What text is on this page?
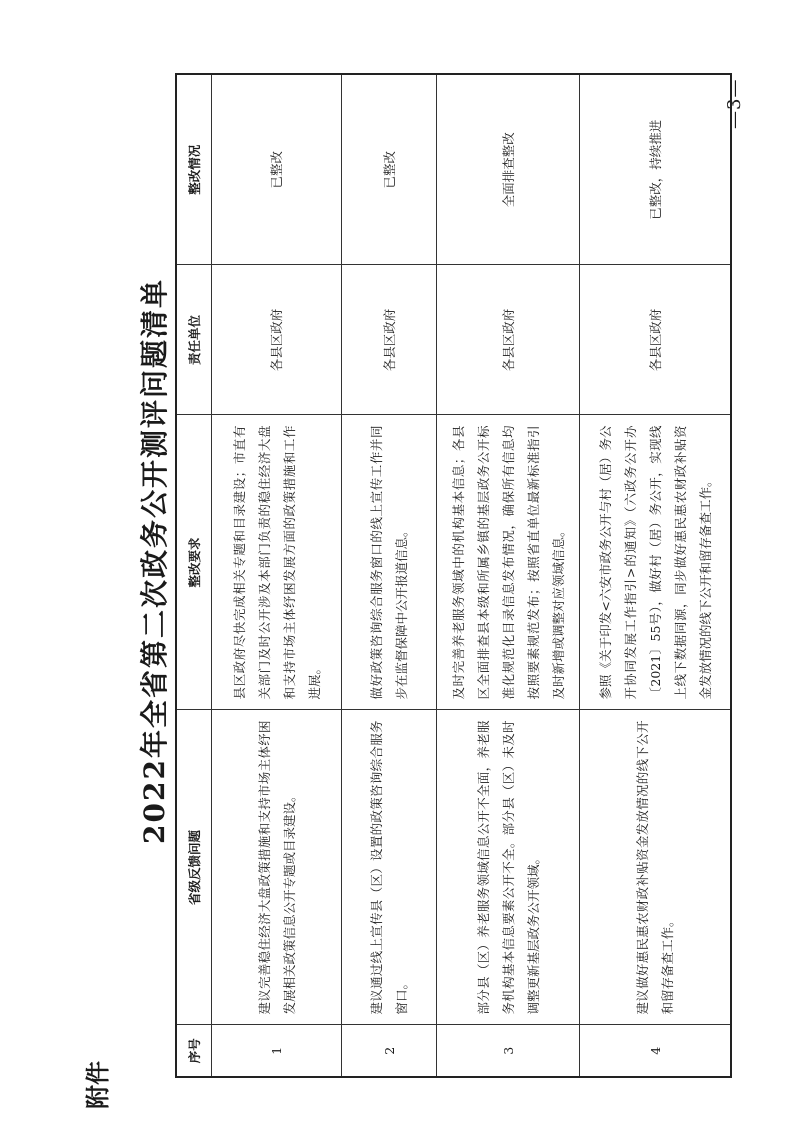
—3—
2022年全省第二次政务公开测评问题清单
序号	省级反馈问题	整改要求	责任单位	整改情况
1	建议完善稳住经济大盘政策措施和支持市场主体纾困发展相关政策信息公开专题或目录建设。	县区政府尽快完成相关专题和目录建设；市直有关部门及时公开涉及本部门负责的稳住经济大盘和支持市场主体纾困发展方面的政策措施和工作进展。	各县区政府	已整改
2	建议通过线上宣传县（区）设置的政策咨询综合服务窗口。	做好政策咨询综合服务窗口的线上宣传工作并同步在监督保障中公开报道信息。	各县区政府	已整改
3	部分县（区）养老服务领域信息公开不全面，养老服务机构基本信息要素公开不全。部分县（区）未及时调整更新基层政务公开领域。	及时完善养老服务领域中的机构基本信息；各县区全面排查县本级和所属乡镇的基层政务公开标准化规范化目录信息发布情况，确保所有信息均按照要素规范发布；按照省直单位最新标准指引及时新增或调整对应领域信息。	各县区政府	全面排查整改
4	建议做好惠民惠农财政补贴资金发放情况的线下公开和留存备查工作。	参照《关于印发<六安市政务公开与村（居）务公开协同发展工作指引>的通知》（六政务公开办〔2021〕55号），做好村（居）务公开，实现线上线下数据同源，同步做好惠民惠农财政补贴资金发放情况的线下公开和留存备查工作。	各县区政府	已整改，持续推进
附件
